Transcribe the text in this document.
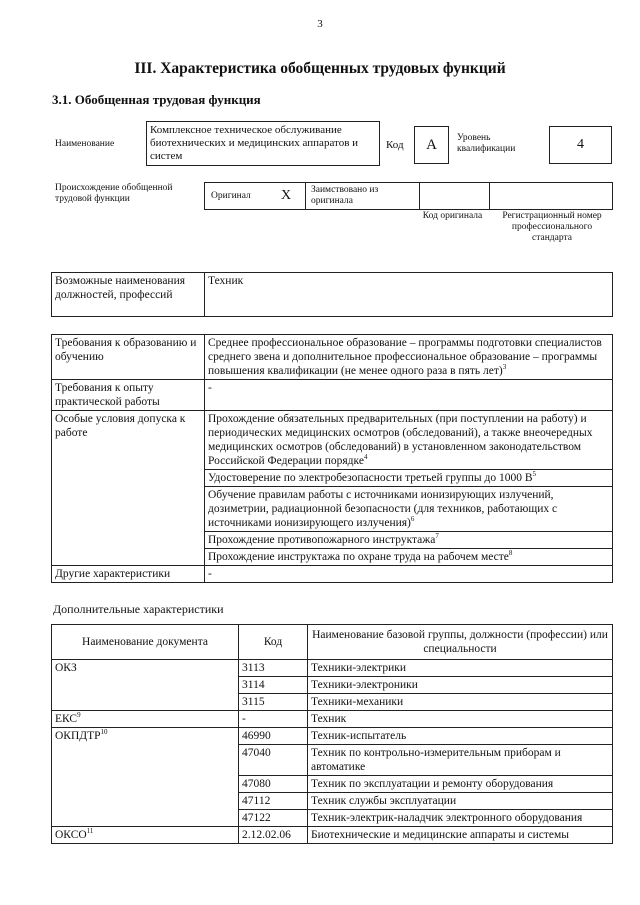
3
III. Характеристика обобщенных трудовых функций
3.1. Обобщенная трудовая функция
Наименование
Комплексное техническое обслуживание биотехнических и медицинских аппаратов и систем
Код	А	Уровень квалификации	4
Происхождение обобщенной трудовой функции	Оригинал X Заимствовано из оригинала
Код оригинала Регистрационный номер профессионального стандарта
Возможные наименования должностей, профессий	Техник
Требования к образованию и обучению	Среднее профессиональное образование – программы подготовки специалистов среднего звена и дополнительное профессиональное образование – программы повышения квалификации (не менее одного раза в пять лет)$^3$
Требования к опыту практической работы	-
Особые условия допуска к работе	Прохождение обязательных предварительных (при поступлении на работу) и периодических медицинских осмотров (обследований), а также внеочередных медицинских осмотров (обследований) в установленном законодательством Российской Федерации порядке$^4$
	Удостоверение по электробезопасности третьей группы до 1000 $В^5$
	Обучение правилам работы с источниками ионизирующих излучений, дозиметрии, радиационной безопасности (для техников, работающих с источниками ионизирующего излучения)$^6$
	Прохождение противопожарного инструктажа$^7$
	Прохождение инструктажа по охране труда на рабочем месте$^8$
Другие характеристики	-
Дополнительные характеристики
Наименование документа	Код	Наименование базовой группы, должности (профессии) или специальности
ОКЗ	3113	Техники-электрики
	3114	Техники-электроники
	3115	Техники-механики
ЕКС$^9$	-	Техник
ОКПДТР$^{10}$	46990	Техник-испытатель
	47040	Техник по контрольно-измерительным приборам и автоматике
	47080	Техник по эксплуатации и ремонту оборудования
	47112	Техник службы эксплуатации
	47122	Техник-электрик-наладчик электронного оборудования
ОКСО$^{11}$	2.12.02.06	Биотехнические и медицинские аппараты и системы
